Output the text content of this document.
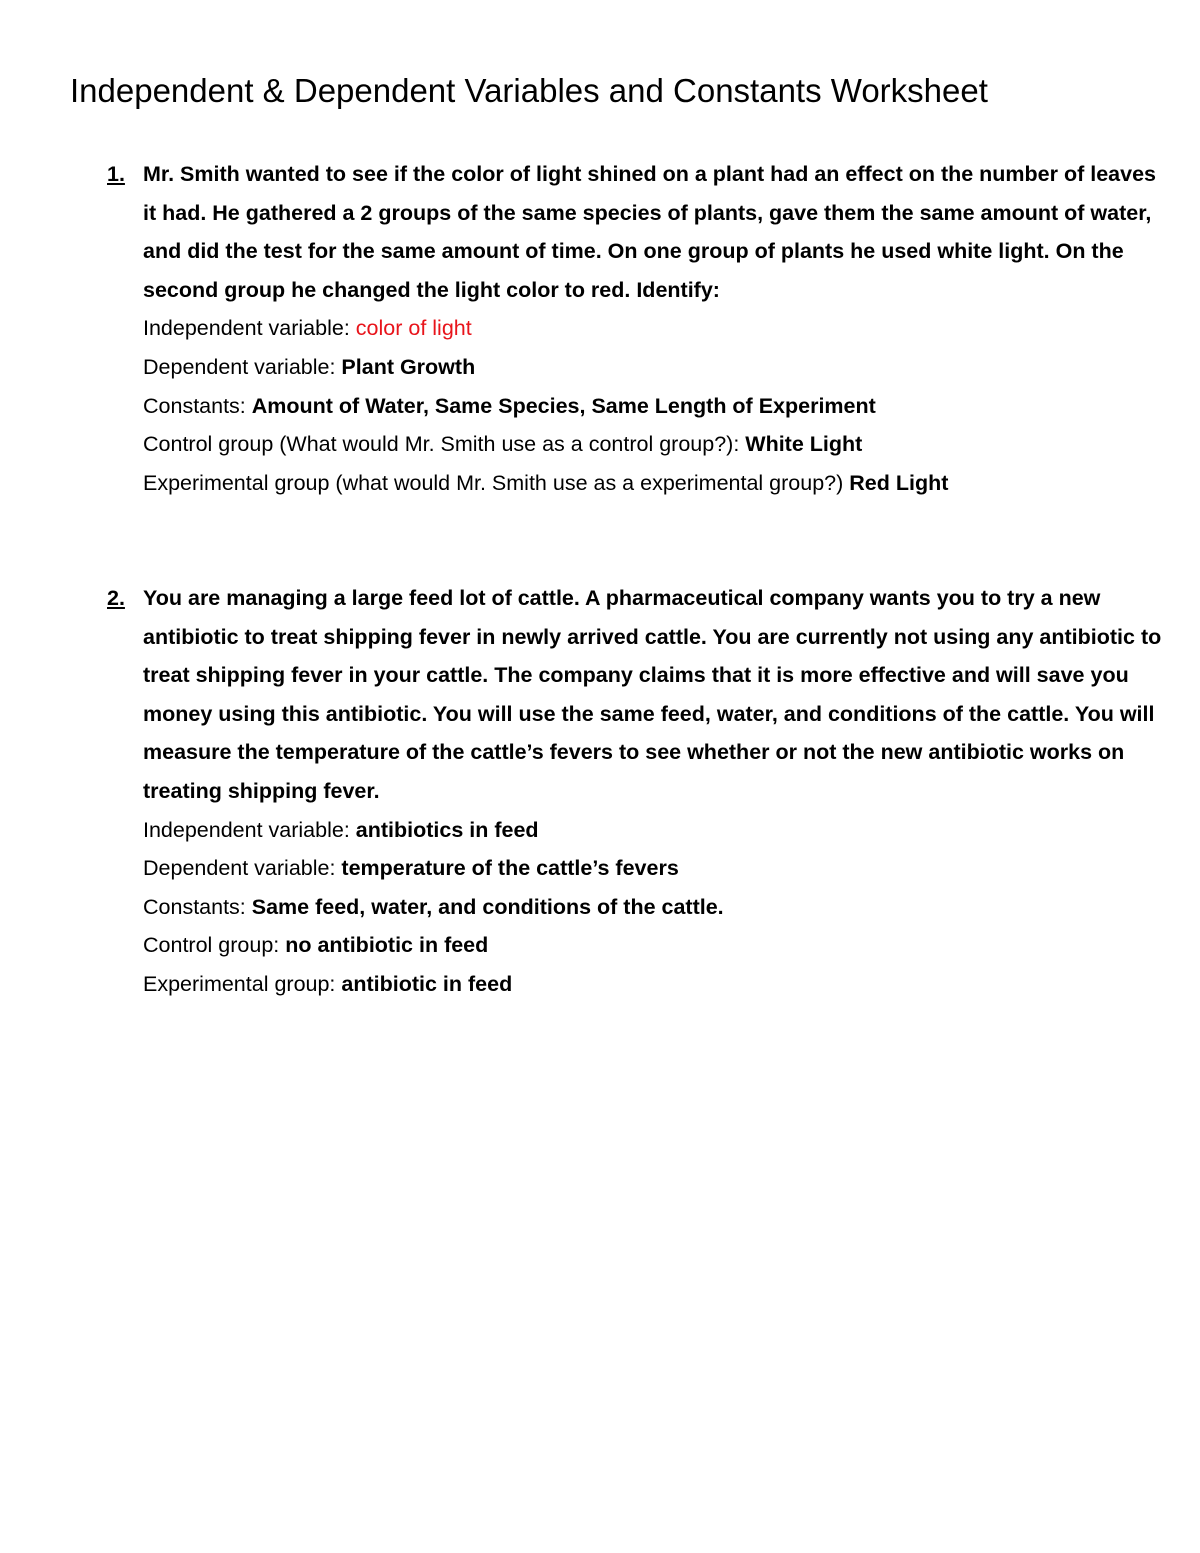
Independent & Dependent Variables and Constants Worksheet
1. Mr. Smith wanted to see if the color of light shined on a plant had an effect on the number of leaves it had. He gathered a 2 groups of the same species of plants, gave them the same amount of water, and did the test for the same amount of time. On one group of plants he used white light. On the second group he changed the light color to red. Identify:
Independent variable: color of light
Dependent variable: Plant Growth
Constants: Amount of Water, Same Species, Same Length of Experiment
Control group (What would Mr. Smith use as a control group?): White Light
Experimental group (what would Mr. Smith use as a experimental group?) Red Light
2. You are managing a large feed lot of cattle. A pharmaceutical company wants you to try a new antibiotic to treat shipping fever in newly arrived cattle. You are currently not using any antibiotic to treat shipping fever in your cattle. The company claims that it is more effective and will save you money using this antibiotic. You will use the same feed, water, and conditions of the cattle. You will measure the temperature of the cattle’s fevers to see whether or not the new antibiotic works on treating shipping fever.
Independent variable: antibiotics in feed
Dependent variable: temperature of the cattle’s fevers
Constants: Same feed, water, and conditions of the cattle.
Control group: no antibiotic in feed
Experimental group: antibiotic in feed
